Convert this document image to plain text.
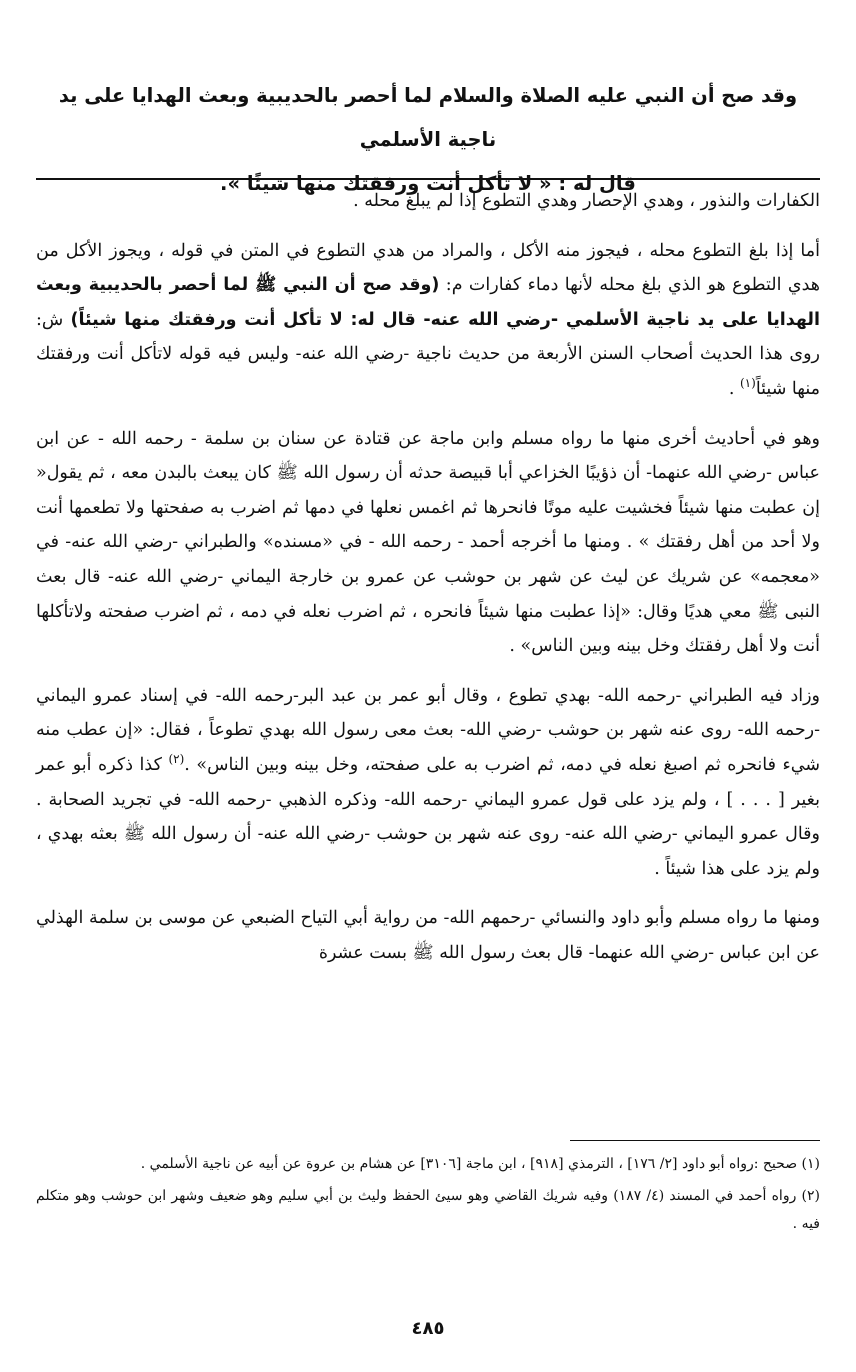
وقد صح أن النبي عليه الصلاة والسلام لما أحصر بالحديبية وبعث الهدايا على يد ناجية الأسلمي
قال له : « لا تأكل أنت ورفقتك منها شيئًا ».

الكفارات والنذور ، وهدي الإحصار وهدي التطوع إذا لم يبلغ محله .

أما إذا بلغ التطوع محله ، فيجوز منه الأكل ، والمراد من هدي التطوع في المتن في قوله ، ويجوز الأكل من هدي التطوع هو الذي بلغ محله لأنها دماء كفارات م: (وقد صح أن النبي ﷺ لما أحصر بالحديبية وبعث الهدايا على يد ناجية الأسلمي -رضي الله عنه- قال له: لا تأكل أنت ورفقتك منها شيئاً) ش: روى هذا الحديث أصحاب السنن الأربعة من حديث ناجية -رضي الله عنه- وليس فيه قوله لاتأكل أنت ورفقتك منها شيئاً$^{(١)}$ .

وهو في أحاديث أخرى منها ما رواه مسلم وابن ماجة عن قتادة عن سنان بن سلمة - رحمه الله - عن ابن عباس -رضي الله عنهما- أن ذؤيبًا الخزاعي أبا قبيصة حدثه أن رسول الله ﷺ كان يبعث بالبدن معه ، ثم يقول« إن عطبت منها شيئاً فخشيت عليه موتًا فانحرها ثم اغمس نعلها في دمها ثم اضرب به صفحتها ولا تطعمها أنت ولا أحد من أهل رفقتك » . ومنها ما أخرجه أحمد - رحمه الله - في «مسنده» والطبراني -رضي الله عنه- في «معجمه» عن شريك عن ليث عن شهر بن حوشب عن عمرو بن خارجة اليماني -رضي الله عنه- قال بعث النبى ﷺ معي هديًا وقال: «إذا عطبت منها شيئاً فانحره ، ثم اضرب نعله في دمه ، ثم اضرب صفحته ولاتأكلها أنت ولا أهل رفقتك وخل بينه وبين الناس» .

وزاد فيه الطبراني -رحمه الله- بهدي تطوع ، وقال أبو عمر بن عبد البر-رحمه الله- في إسناد عمرو اليماني -رحمه الله- روى عنه شهر بن حوشب -رضي الله- بعث معى رسول الله بهدي تطوعاً ، فقال: «إن عطب منه شيء فانحره ثم اصبغ نعله في دمه، ثم اضرب به على صفحته، وخل بينه وبين الناس» .$^{(٢)}$ كذا ذكره أبو عمر بغير [ . . . ] ، ولم يزد على قول عمرو اليماني -رحمه الله- وذكره الذهبي -رحمه الله- في تجريد الصحابة . وقال عمرو اليماني -رضي الله عنه- روى عنه شهر بن حوشب -رضي الله عنه- أن رسول الله ﷺ بعثه بهدي ، ولم يزد على هذا شيئاً .

ومنها ما رواه مسلم وأبو داود والنسائي -رحمهم الله- من رواية أبي التياح الضبعي عن موسى بن سلمة الهذلي عن ابن عباس -رضي الله عنهما- قال بعث رسول الله ﷺ بست عشرة

(١) صحيح :رواه أبو داود [٢/ ١٧٦] ، الترمذي [٩١٨] ، ابن ماجة [٣١٠٦] عن هشام بن عروة عن أبيه عن ناجية الأسلمي .

(٢) رواه أحمد في المسند (٤/ ١٨٧) وفيه شريك القاضي وهو سيئ الحفظ وليث بن أبي سليم وهو ضعيف وشهر ابن حوشب وهو متكلم فيه .

٤٨٥
